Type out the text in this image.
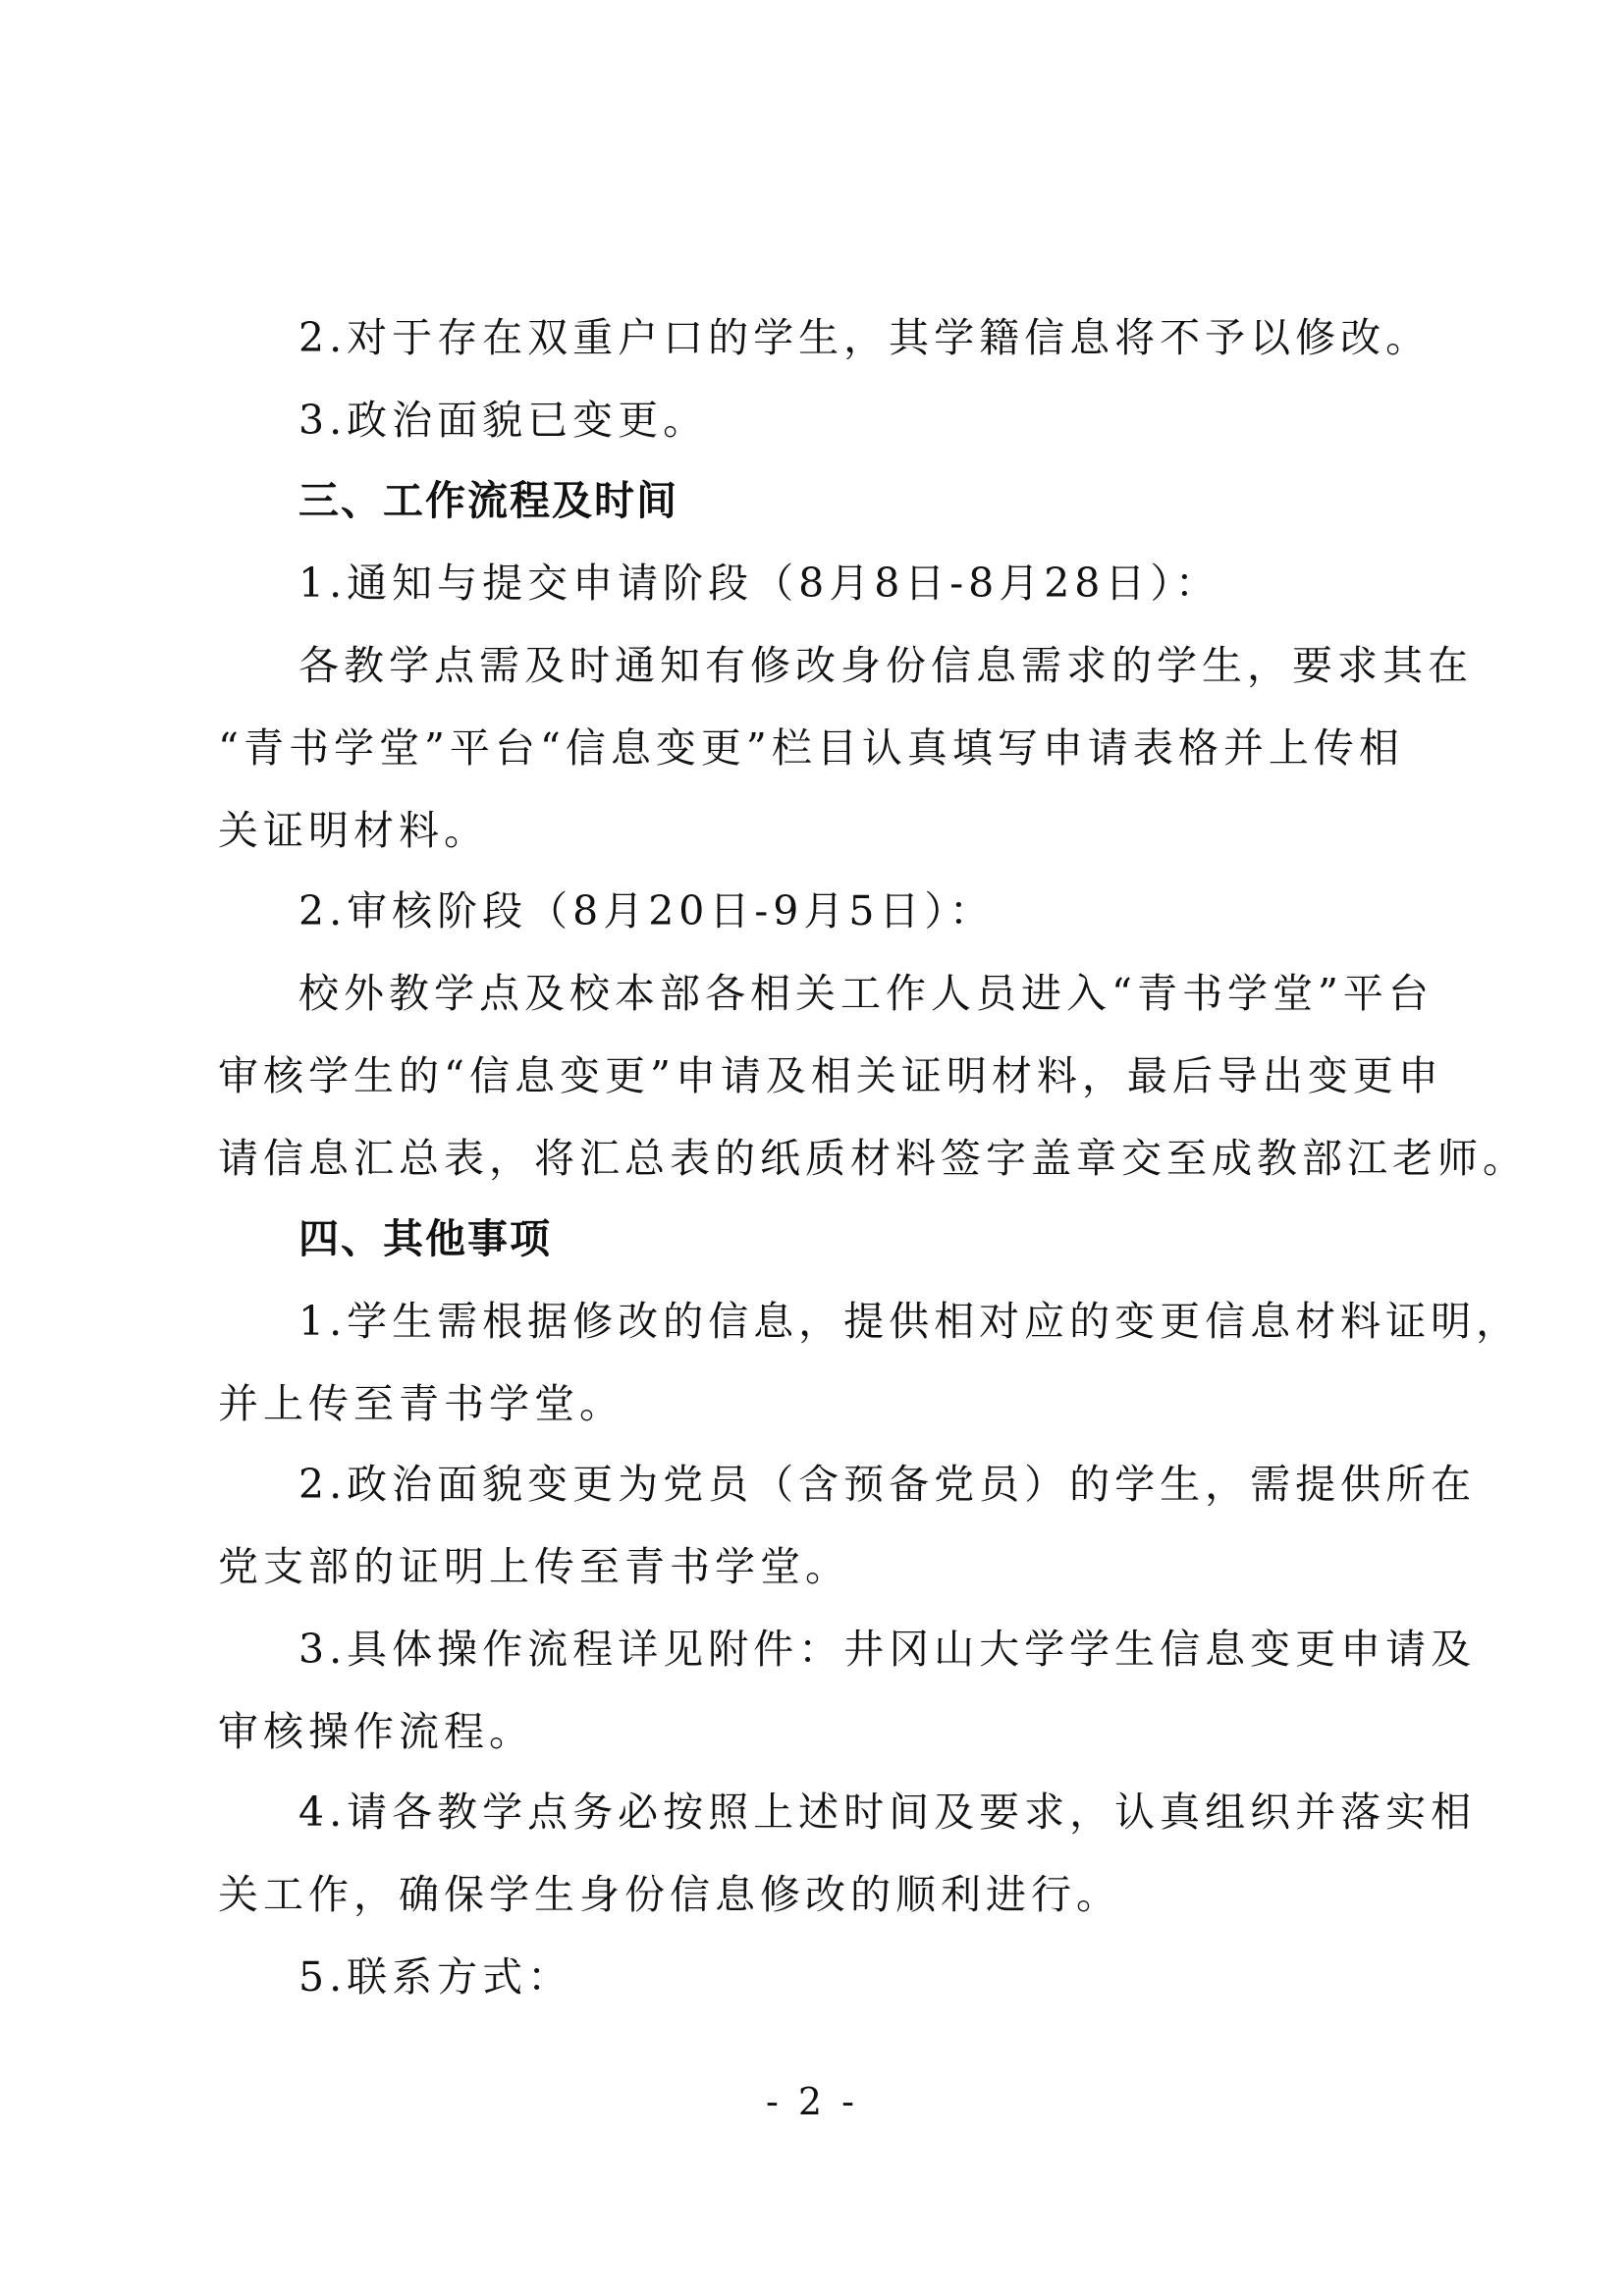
2.对于存在双重户口的学生，其学籍信息将不予以修改。
3.政治面貌已变更。
三、工作流程及时间
1.通知与提交申请阶段（8月8日-8月28日）：
各教学点需及时通知有修改身份信息需求的学生，要求其在
“青书学堂”平台“信息变更”栏目认真填写申请表格并上传相
关证明材料。
2.审核阶段（8月20日-9月5日）：
校外教学点及校本部各相关工作人员进入“青书学堂”平台
审核学生的“信息变更”申请及相关证明材料，最后导出变更申
请信息汇总表，将汇总表的纸质材料签字盖章交至成教部江老师。
四、其他事项
1.学生需根据修改的信息，提供相对应的变更信息材料证明，
并上传至青书学堂。
2.政治面貌变更为党员（含预备党员）的学生，需提供所在
党支部的证明上传至青书学堂。
3.具体操作流程详见附件：井冈山大学学生信息变更申请及
审核操作流程。
4.请各教学点务必按照上述时间及要求，认真组织并落实相
关工作，确保学生身份信息修改的顺利进行。
5.联系方式：
- 2 -
